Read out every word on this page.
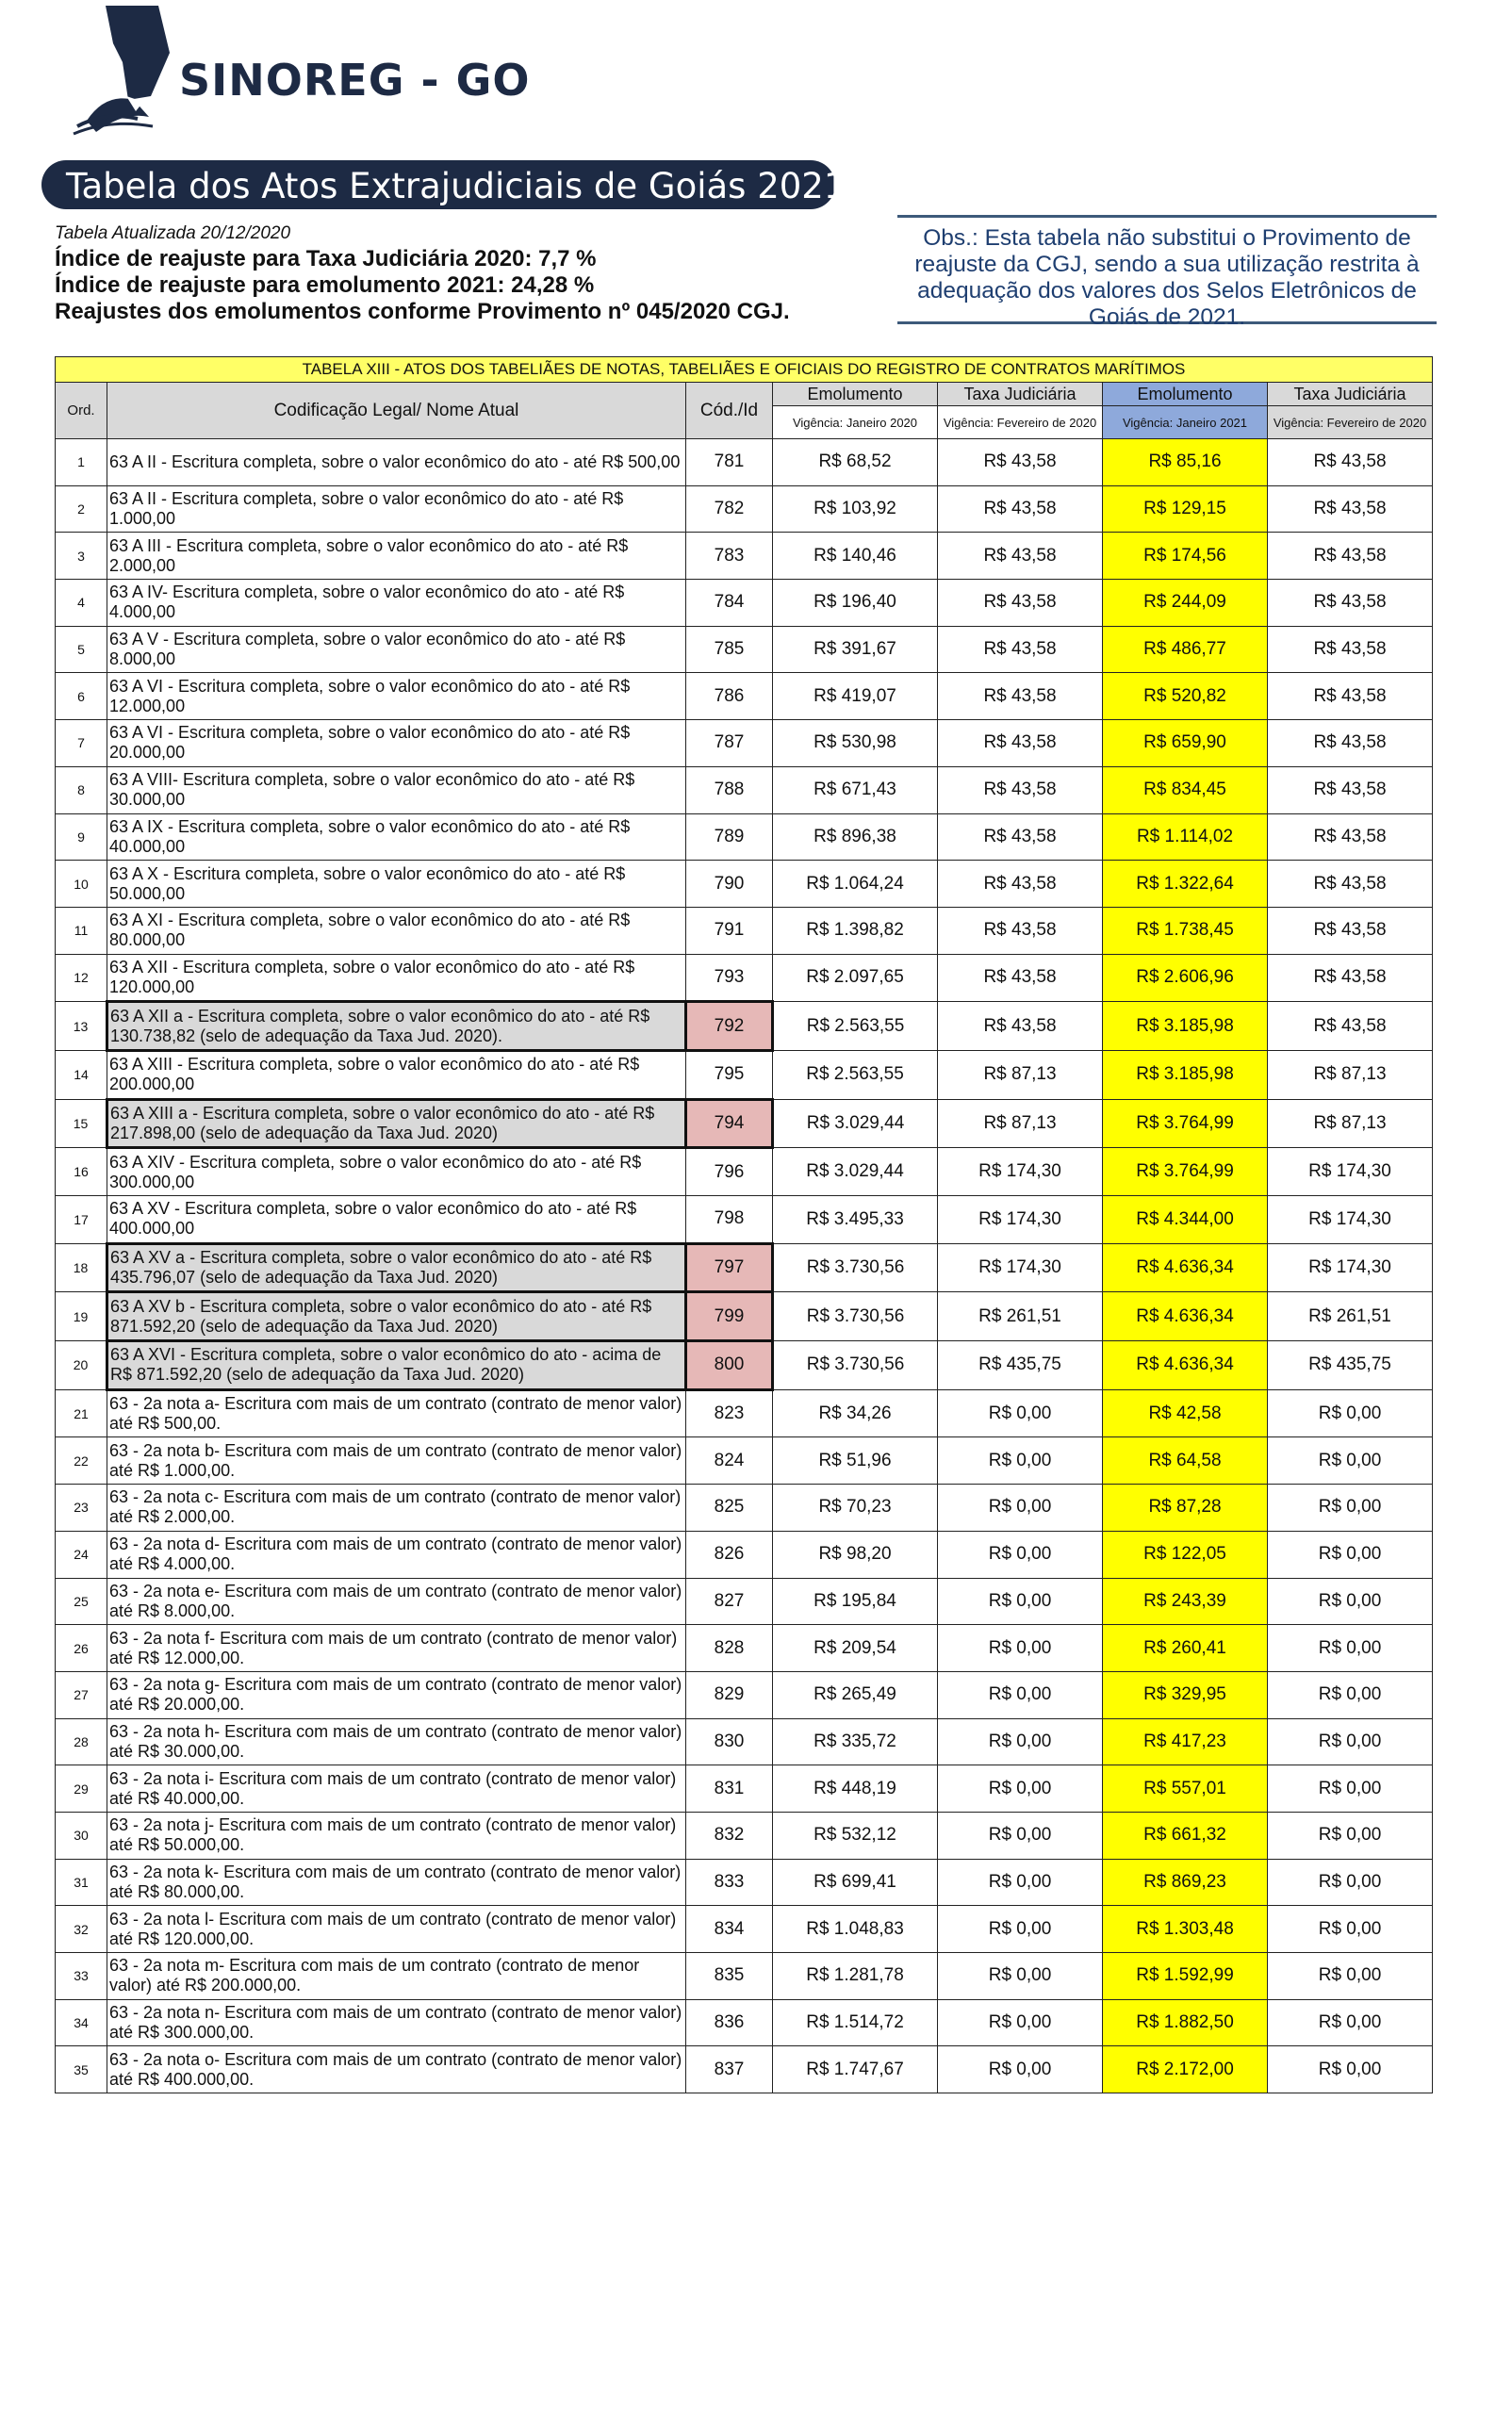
SINOREG - GO
Tabela dos Atos Extrajudiciais de Goiás 2021
Tabela Atualizada 20/12/2020
Índice de reajuste para Taxa Judiciária 2020: 7,7 %
Índice de reajuste para emolumento 2021: 24,28 %
Reajustes dos emolumentos conforme Provimento nº 045/2020 CGJ.
Obs.: Esta tabela não substitui o Provimento de reajuste da CGJ, sendo a sua utilização restrita à adequação dos valores dos Selos Eletrônicos de Goiás de 2021.
TABELA XIII - ATOS DOS TABELIÃES DE NOTAS, TABELIÃES E OFICIAIS DO REGISTRO DE CONTRATOS MARÍTIMOS						
Ord.	Codificação Legal/ Nome Atual	Cód./Id	Emolumento	Taxa Judiciária	Emolumento	Taxa Judiciária
			Vigência: Janeiro 2020	Vigência: Fevereiro de 2020	Vigência: Janeiro 2021	Vigência: Fevereiro de 2020
1	63 A II - Escritura completa, sobre o valor econômico do ato - até R$ 500,00	781	R$ 68,52	R$ 43,58	R$ 85,16	R$ 43,58
2	63 A II - Escritura completa, sobre o valor econômico do ato - até R$ 1.000,00	782	R$ 103,92	R$ 43,58	R$ 129,15	R$ 43,58
3	63 A III - Escritura completa, sobre o valor econômico do ato - até R$ 2.000,00	783	R$ 140,46	R$ 43,58	R$ 174,56	R$ 43,58
4	63 A IV- Escritura completa, sobre o valor econômico do ato - até R$ 4.000,00	784	R$ 196,40	R$ 43,58	R$ 244,09	R$ 43,58
5	63 A V - Escritura completa, sobre o valor econômico do ato - até R$ 8.000,00	785	R$ 391,67	R$ 43,58	R$ 486,77	R$ 43,58
6	63 A VI - Escritura completa, sobre o valor econômico do ato - até R$ 12.000,00	786	R$ 419,07	R$ 43,58	R$ 520,82	R$ 43,58
7	63 A VI - Escritura completa, sobre o valor econômico do ato - até R$ 20.000,00	787	R$ 530,98	R$ 43,58	R$ 659,90	R$ 43,58
8	63 A VIII- Escritura completa, sobre o valor econômico do ato - até R$ 30.000,00	788	R$ 671,43	R$ 43,58	R$ 834,45	R$ 43,58
9	63 A IX - Escritura completa, sobre o valor econômico do ato - até R$ 40.000,00	789	R$ 896,38	R$ 43,58	R$ 1.114,02	R$ 43,58
10	63 A X - Escritura completa, sobre o valor econômico do ato - até R$ 50.000,00	790	R$ 1.064,24	R$ 43,58	R$ 1.322,64	R$ 43,58
11	63 A XI - Escritura completa, sobre o valor econômico do ato - até R$ 80.000,00	791	R$ 1.398,82	R$ 43,58	R$ 1.738,45	R$ 43,58
12	63 A XII - Escritura completa, sobre o valor econômico do ato - até R$ 120.000,00	793	R$ 2.097,65	R$ 43,58	R$ 2.606,96	R$ 43,58
13	63 A XII a - Escritura completa, sobre o valor econômico do ato - até R$ 130.738,82 (selo de adequação da Taxa Jud. 2020).	792	R$ 2.563,55	R$ 43,58	R$ 3.185,98	R$ 43,58
14	63 A XIII - Escritura completa, sobre o valor econômico do ato - até R$ 200.000,00	795	R$ 2.563,55	R$ 87,13	R$ 3.185,98	R$ 87,13
15	63 A XIII a - Escritura completa, sobre o valor econômico do ato - até R$ 217.898,00 (selo de adequação da Taxa Jud. 2020)	794	R$ 3.029,44	R$ 87,13	R$ 3.764,99	R$ 87,13
16	63 A XIV - Escritura completa, sobre o valor econômico do ato - até R$ 300.000,00	796	R$ 3.029,44	R$ 174,30	R$ 3.764,99	R$ 174,30
17	63 A XV - Escritura completa, sobre o valor econômico do ato - até R$ 400.000,00	798	R$ 3.495,33	R$ 174,30	R$ 4.344,00	R$ 174,30
18	63 A XV a - Escritura completa, sobre o valor econômico do ato - até R$ 435.796,07 (selo de adequação da Taxa Jud. 2020)	797	R$ 3.730,56	R$ 174,30	R$ 4.636,34	R$ 174,30
19	63 A XV b - Escritura completa, sobre o valor econômico do ato - até R$ 871.592,20 (selo de adequação da Taxa Jud. 2020)	799	R$ 3.730,56	R$ 261,51	R$ 4.636,34	R$ 261,51
20	63 A XVI - Escritura completa, sobre o valor econômico do ato - acima de R$ 871.592,20 (selo de adequação da Taxa Jud. 2020)	800	R$ 3.730,56	R$ 435,75	R$ 4.636,34	R$ 435,75
21	63 - 2a nota a- Escritura com mais de um contrato (contrato de menor valor) até R$ 500,00.	823	R$ 34,26	R$ 0,00	R$ 42,58	R$ 0,00
22	63 - 2a nota b- Escritura com mais de um contrato (contrato de menor valor) até R$ 1.000,00.	824	R$ 51,96	R$ 0,00	R$ 64,58	R$ 0,00
23	63 - 2a nota c- Escritura com mais de um contrato (contrato de menor valor) até R$ 2.000,00.	825	R$ 70,23	R$ 0,00	R$ 87,28	R$ 0,00
24	63 - 2a nota d- Escritura com mais de um contrato (contrato de menor valor) até R$ 4.000,00.	826	R$ 98,20	R$ 0,00	R$ 122,05	R$ 0,00
25	63 - 2a nota e- Escritura com mais de um contrato (contrato de menor valor) até R$ 8.000,00.	827	R$ 195,84	R$ 0,00	R$ 243,39	R$ 0,00
26	63 - 2a nota f- Escritura com mais de um contrato (contrato de menor valor) até R$ 12.000,00.	828	R$ 209,54	R$ 0,00	R$ 260,41	R$ 0,00
27	63 - 2a nota g- Escritura com mais de um contrato (contrato de menor valor) até R$ 20.000,00.	829	R$ 265,49	R$ 0,00	R$ 329,95	R$ 0,00
28	63 - 2a nota h- Escritura com mais de um contrato (contrato de menor valor) até R$ 30.000,00.	830	R$ 335,72	R$ 0,00	R$ 417,23	R$ 0,00
29	63 - 2a nota i- Escritura com mais de um contrato (contrato de menor valor) até R$ 40.000,00.	831	R$ 448,19	R$ 0,00	R$ 557,01	R$ 0,00
30	63 - 2a nota j- Escritura com mais de um contrato (contrato de menor valor) até R$ 50.000,00.	832	R$ 532,12	R$ 0,00	R$ 661,32	R$ 0,00
31	63 - 2a nota k- Escritura com mais de um contrato (contrato de menor valor) até R$ 80.000,00.	833	R$ 699,41	R$ 0,00	R$ 869,23	R$ 0,00
32	63 - 2a nota l- Escritura com mais de um contrato (contrato de menor valor) até R$ 120.000,00.	834	R$ 1.048,83	R$ 0,00	R$ 1.303,48	R$ 0,00
33	63 - 2a nota m- Escritura com mais de um contrato (contrato de menor valor) até R$ 200.000,00.	835	R$ 1.281,78	R$ 0,00	R$ 1.592,99	R$ 0,00
34	63 - 2a nota n- Escritura com mais de um contrato (contrato de menor valor) até R$ 300.000,00.	836	R$ 1.514,72	R$ 0,00	R$ 1.882,50	R$ 0,00
35	63 - 2a nota o- Escritura com mais de um contrato (contrato de menor valor) até R$ 400.000,00.	837	R$ 1.747,67	R$ 0,00	R$ 2.172,00	R$ 0,00
